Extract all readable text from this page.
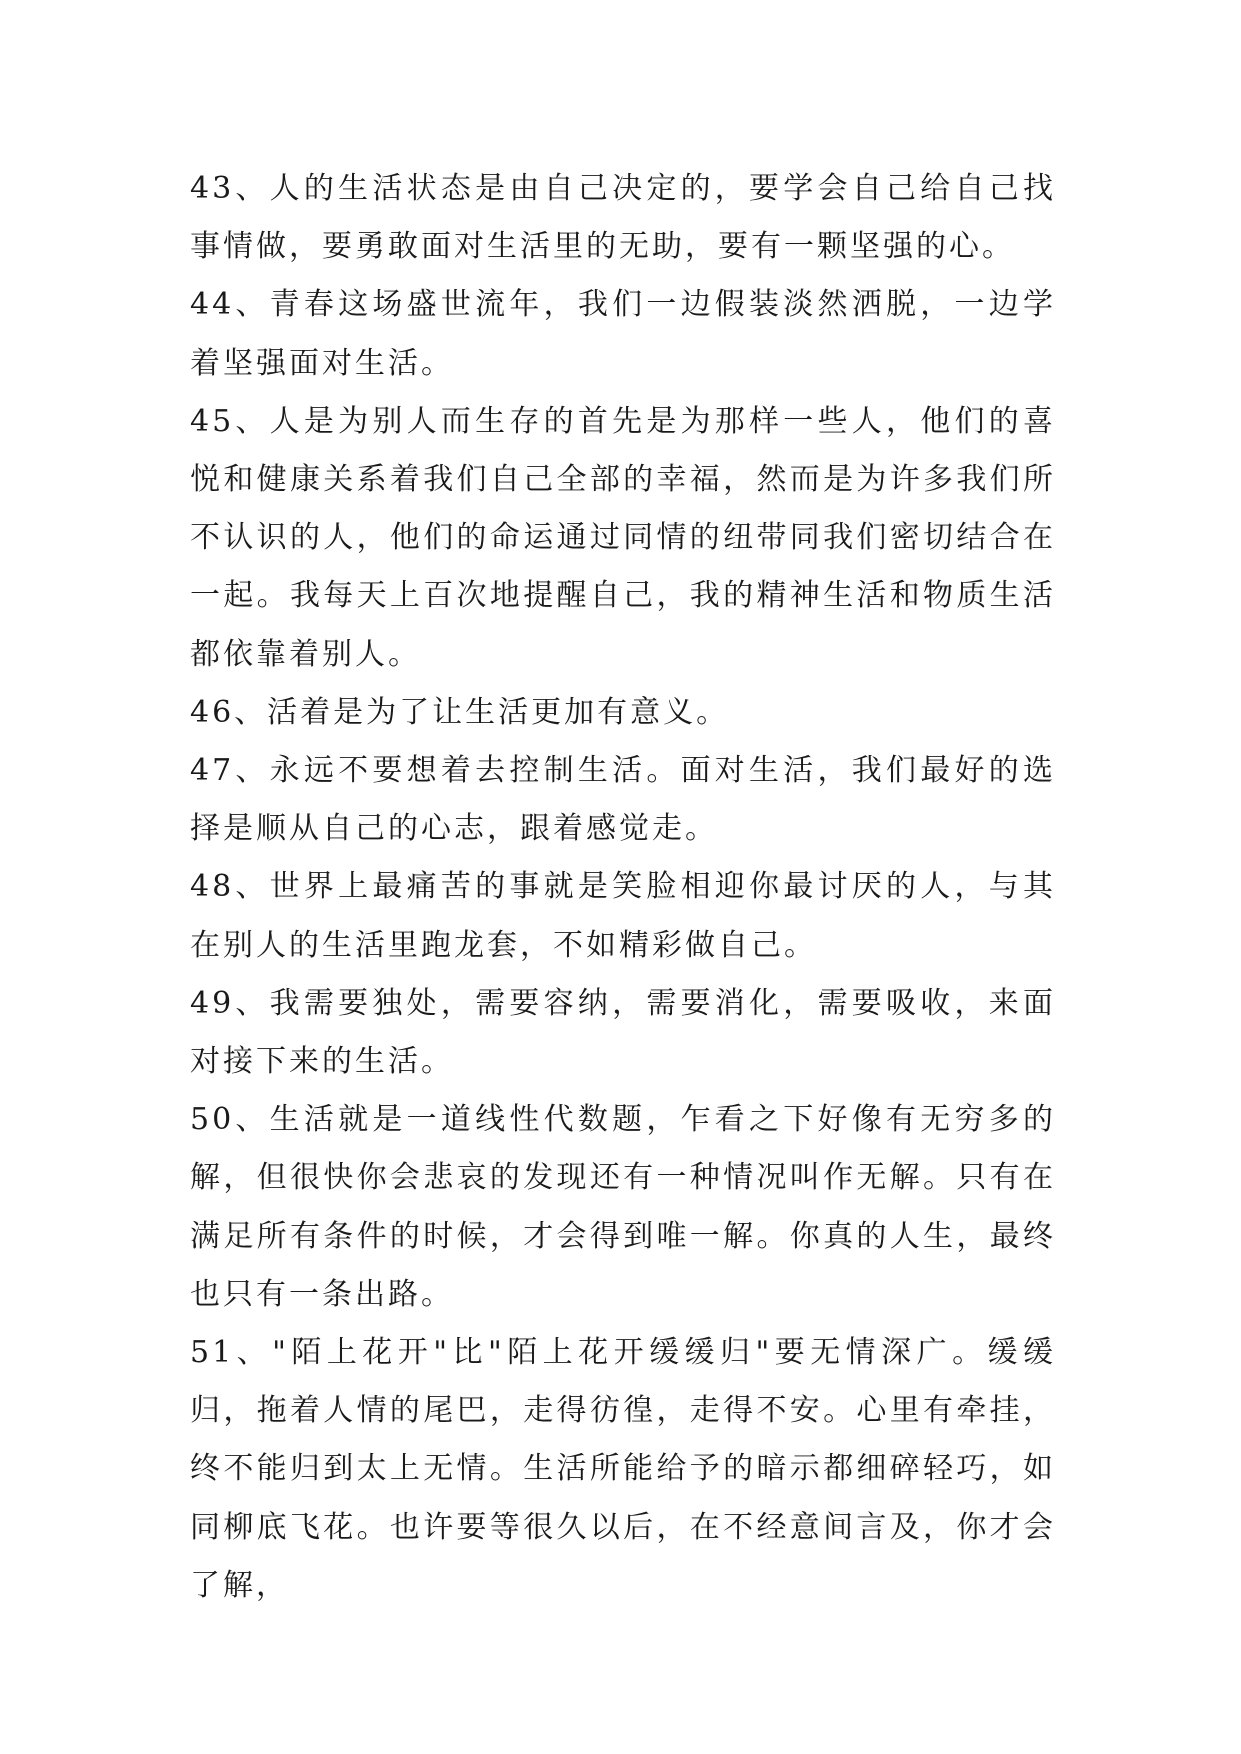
43、人的生活状态是由自己决定的，要学会自己给自己找事情做，要勇敢面对生活里的无助，要有一颗坚强的心。

44、青春这场盛世流年，我们一边假装淡然洒脱，一边学着坚强面对生活。

45、人是为别人而生存的首先是为那样一些人，他们的喜悦和健康关系着我们自己全部的幸福，然而是为许多我们所不认识的人，他们的命运通过同情的纽带同我们密切结合在一起。我每天上百次地提醒自己，我的精神生活和物质生活都依靠着别人。

46、活着是为了让生活更加有意义。

47、永远不要想着去控制生活。面对生活，我们最好的选择是顺从自己的心志，跟着感觉走。

48、世界上最痛苦的事就是笑脸相迎你最讨厌的人，与其在别人的生活里跑龙套，不如精彩做自己。

49、我需要独处，需要容纳，需要消化，需要吸收，来面对接下来的生活。

50、生活就是一道线性代数题，乍看之下好像有无穷多的解，但很快你会悲哀的发现还有一种情况叫作无解。只有在满足所有条件的时候，才会得到唯一解。你真的人生，最终也只有一条出路。

51、"陌上花开"比"陌上花开缓缓归"要无情深广。缓缓归，拖着人情的尾巴，走得彷徨，走得不安。心里有牵挂，终不能归到太上无情。生活所能给予的暗示都细碎轻巧，如同柳底飞花。也许要等很久以后，在不经意间言及，你才会了解，
